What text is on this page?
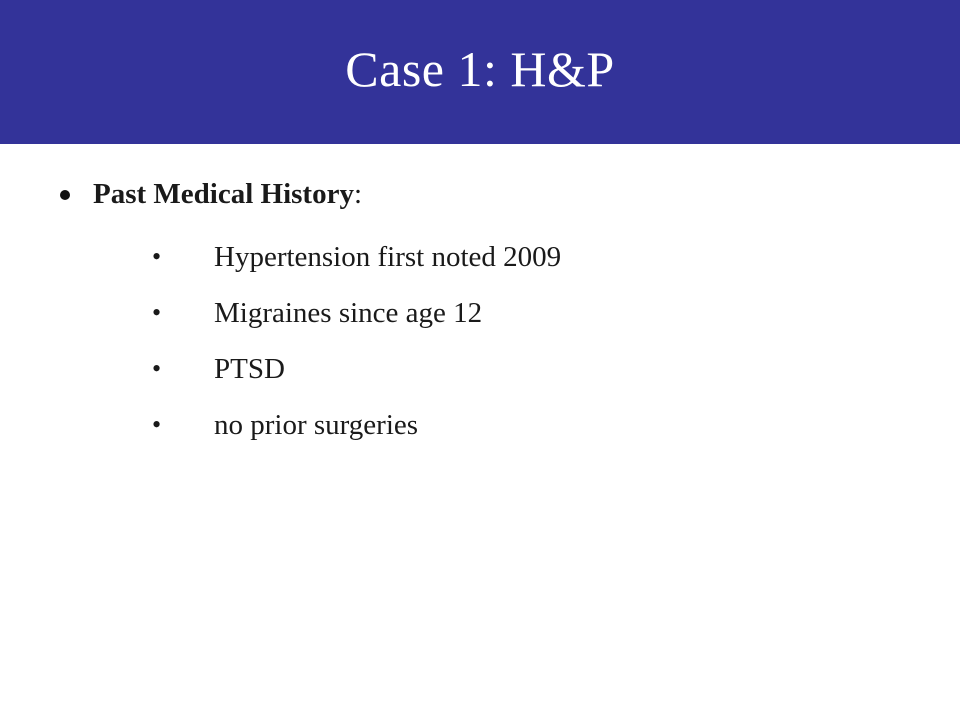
Case 1: H&P
Past Medical History:
•	Hypertension first noted 2009
•	Migraines since age 12
•	PTSD
•	no prior surgeries
